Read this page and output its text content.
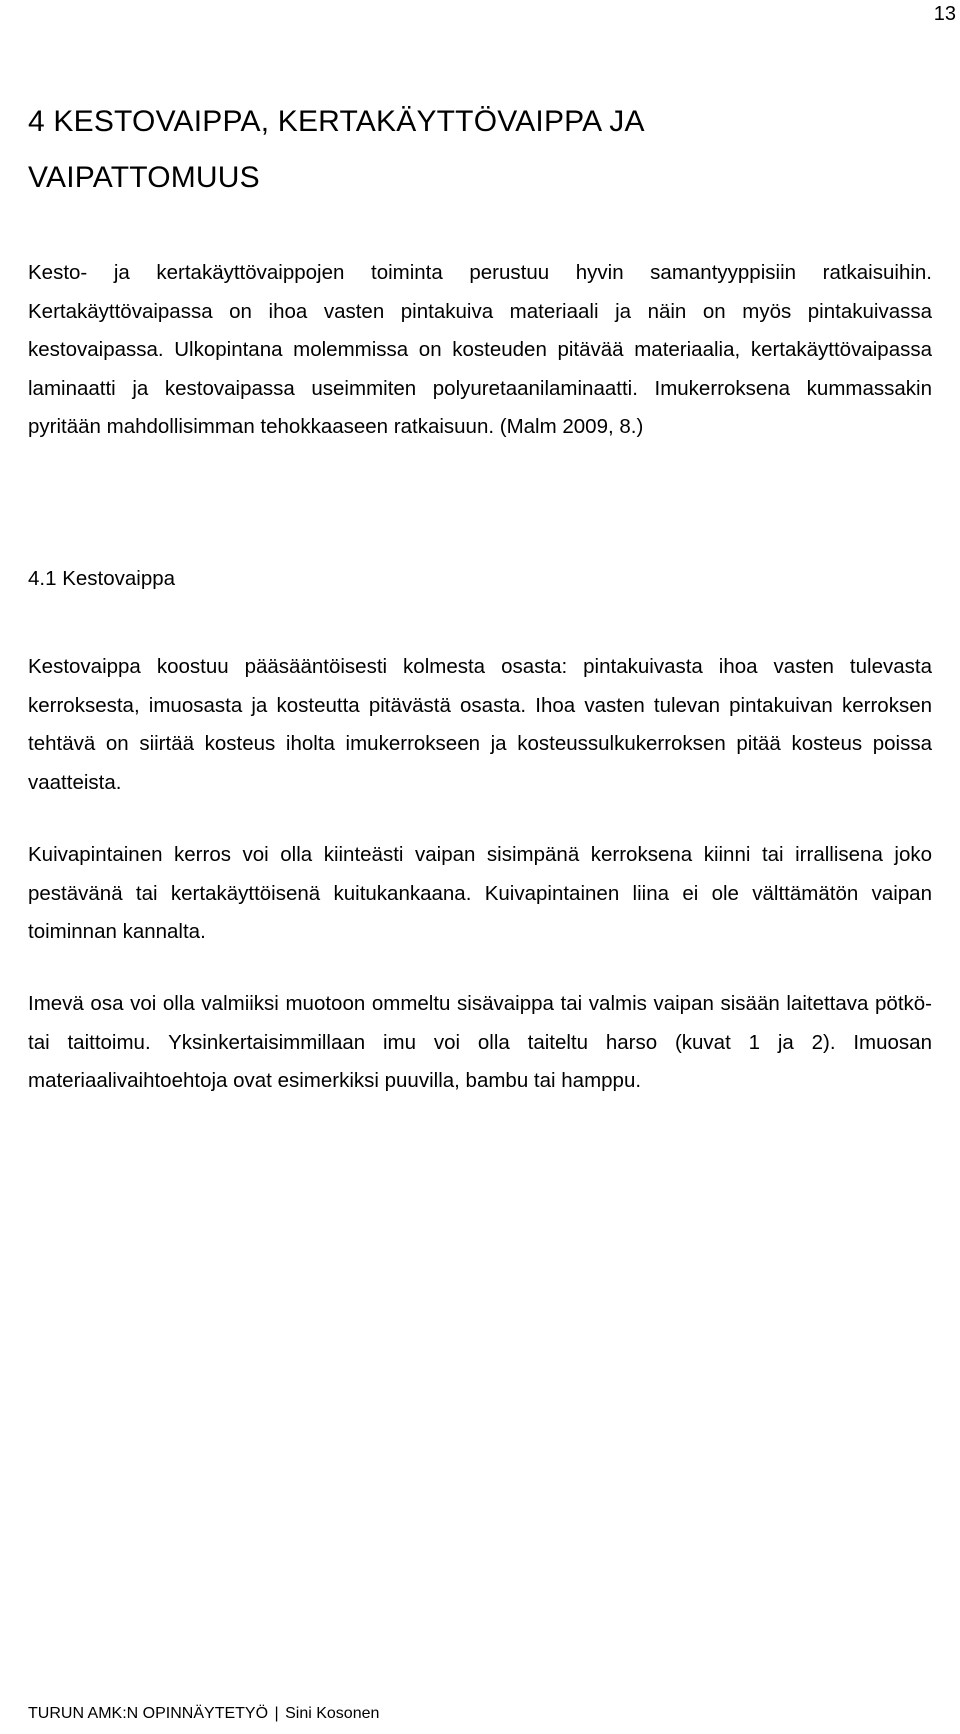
13
4 KESTOVAIPPA, KERTAKÄYTTÖVAIPPA JA
VAIPATTOMUUS

Kesto- ja kertakäyttövaippojen toiminta perustuu hyvin samantyyppisiin ratkaisuihin. Kertakäyttövaipassa on ihoa vasten pintakuiva materiaali ja näin on myös pintakuivassa kestovaipassa. Ulkopintana molemmissa on kosteuden pitävää materiaalia, kertakäyttövaipassa laminaatti ja kestovaipassa useimmiten polyuretaanilaminaatti. Imukerroksena kummassakin pyritään mahdollisimman tehokkaaseen ratkaisuun. (Malm 2009, 8.)

4.1 Kestovaippa

Kestovaippa koostuu pääsääntöisesti kolmesta osasta: pintakuivasta ihoa vasten tulevasta kerroksesta, imuosasta ja kosteutta pitävästä osasta. Ihoa vasten tulevan pintakuivan kerroksen tehtävä on siirtää kosteus iholta imukerrokseen ja kosteussulkukerroksen pitää kosteus poissa vaatteista.

Kuivapintainen kerros voi olla kiinteästi vaipan sisimpänä kerroksena kiinni tai irrallisena joko pestävänä tai kertakäyttöisenä kuitukankaana. Kuivapintainen liina ei ole välttämätön vaipan toiminnan kannalta.

Imevä osa voi olla valmiiksi muotoon ommeltu sisävaippa tai valmis vaipan sisään laitettava pötkö- tai taittoimu. Yksinkertaisimmillaan imu voi olla taiteltu harso (kuvat 1 ja 2). Imuosan materiaalivaihtoehtoja ovat esimerkiksi puuvilla, bambu tai hamppu.

TURUN AMK:N OPINNÄYTETYÖ | Sini Kosonen
